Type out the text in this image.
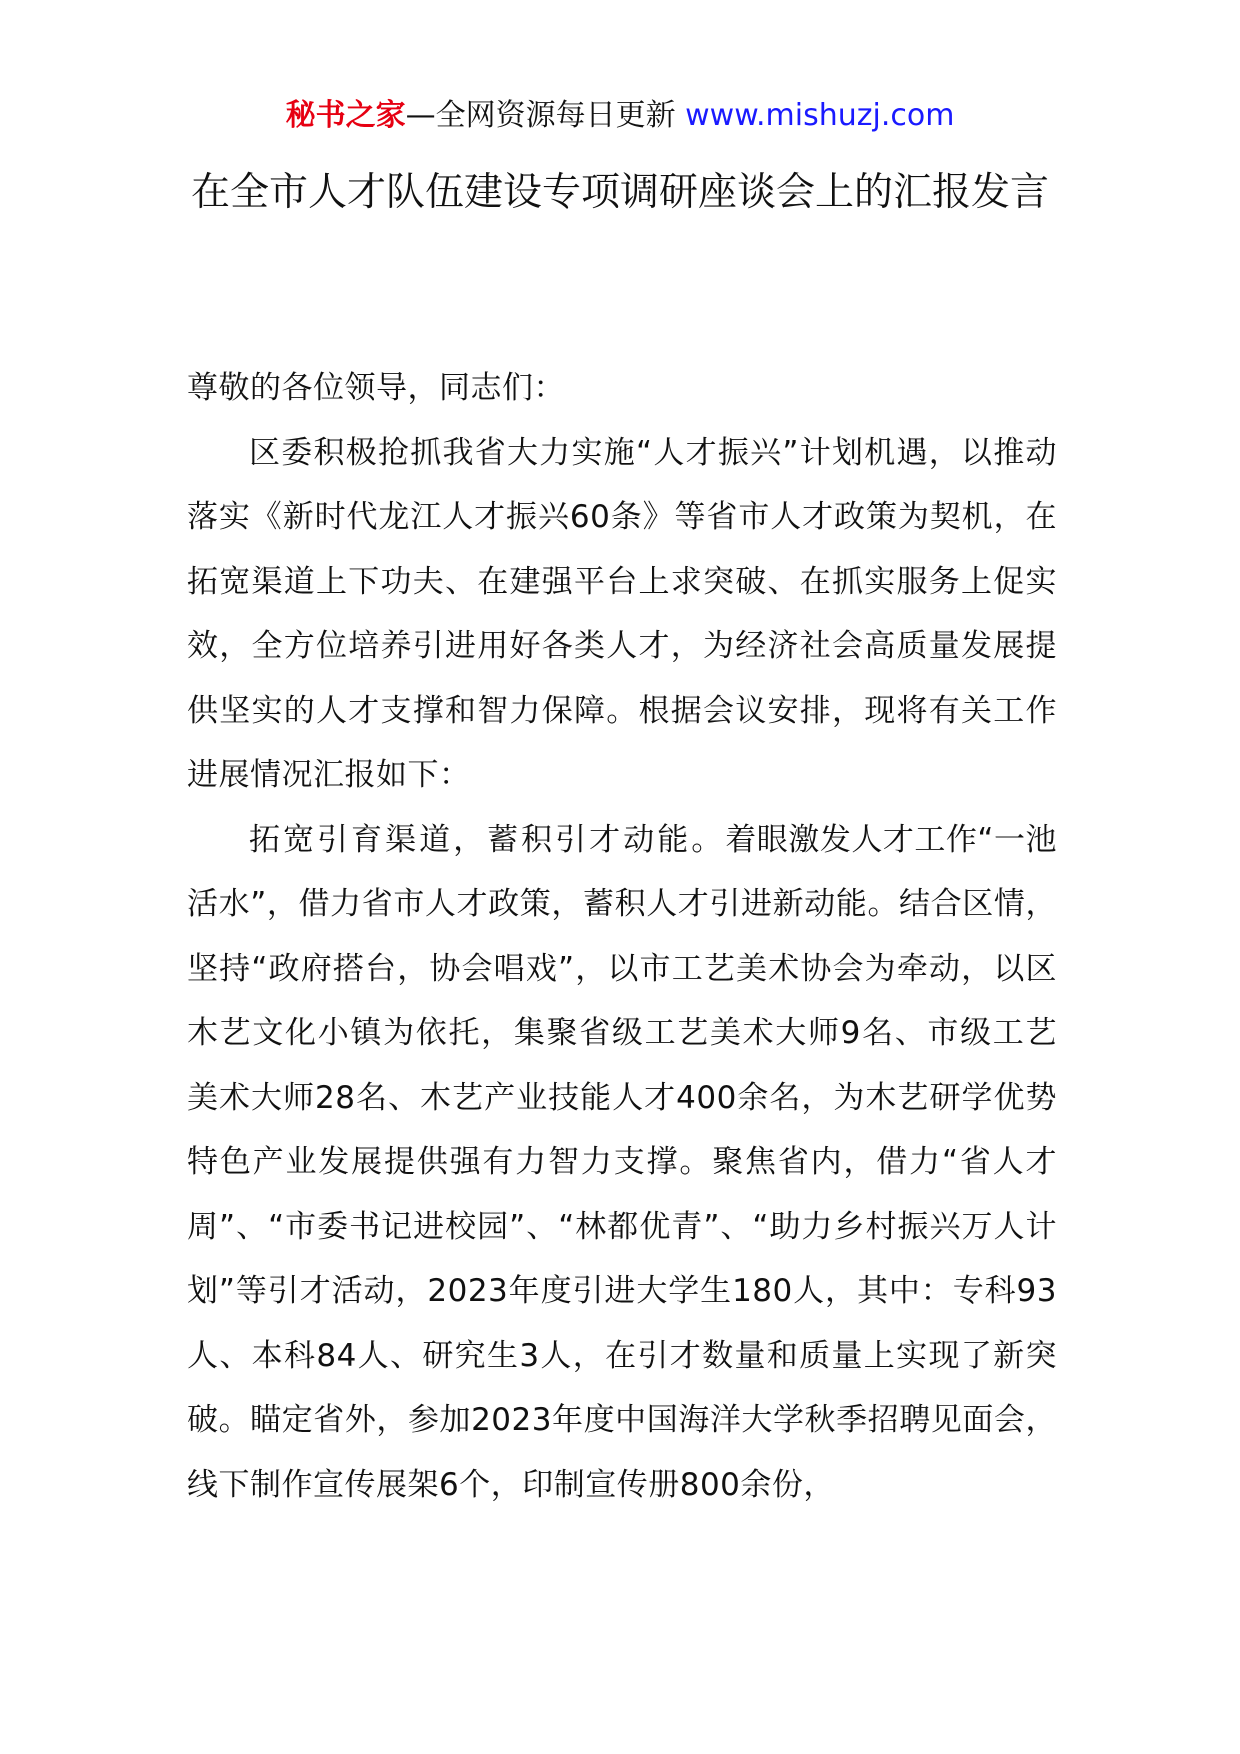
秘书之家—全网资源每日更新 www.mishuzj.com
在全市人才队伍建设专项调研座谈会上的汇报发言

尊敬的各位领导，同志们：

区委积极抢抓我省大力实施“人才振兴”计划机遇，以推动落实《新时代龙江人才振兴60条》等省市人才政策为契机，在拓宽渠道上下功夫、在建强平台上求突破、在抓实服务上促实效，全方位培养引进用好各类人才，为经济社会高质量发展提供坚实的人才支撑和智力保障。根据会议安排，现将有关工作进展情况汇报如下：

拓宽引育渠道，蓄积引才动能。着眼激发人才工作“一池活水”，借力省市人才政策，蓄积人才引进新动能。结合区情，坚持“政府搭台，协会唱戏”，以市工艺美术协会为牵动，以区木艺文化小镇为依托，集聚省级工艺美术大师9名、市级工艺美术大师28名、木艺产业技能人才400余名，为木艺研学优势特色产业发展提供强有力智力支撑。聚焦省内，借力“省人才周”、“市委书记进校园”、“林都优青”、“助力乡村振兴万人计划”等引才活动，2023年度引进大学生180人，其中：专科93人、本科84人、研究生3人，在引才数量和质量上实现了新突破。瞄定省外，参加2023年度中国海洋大学秋季招聘见面会，线下制作宣传展架6个，印制宣传册800余份，
